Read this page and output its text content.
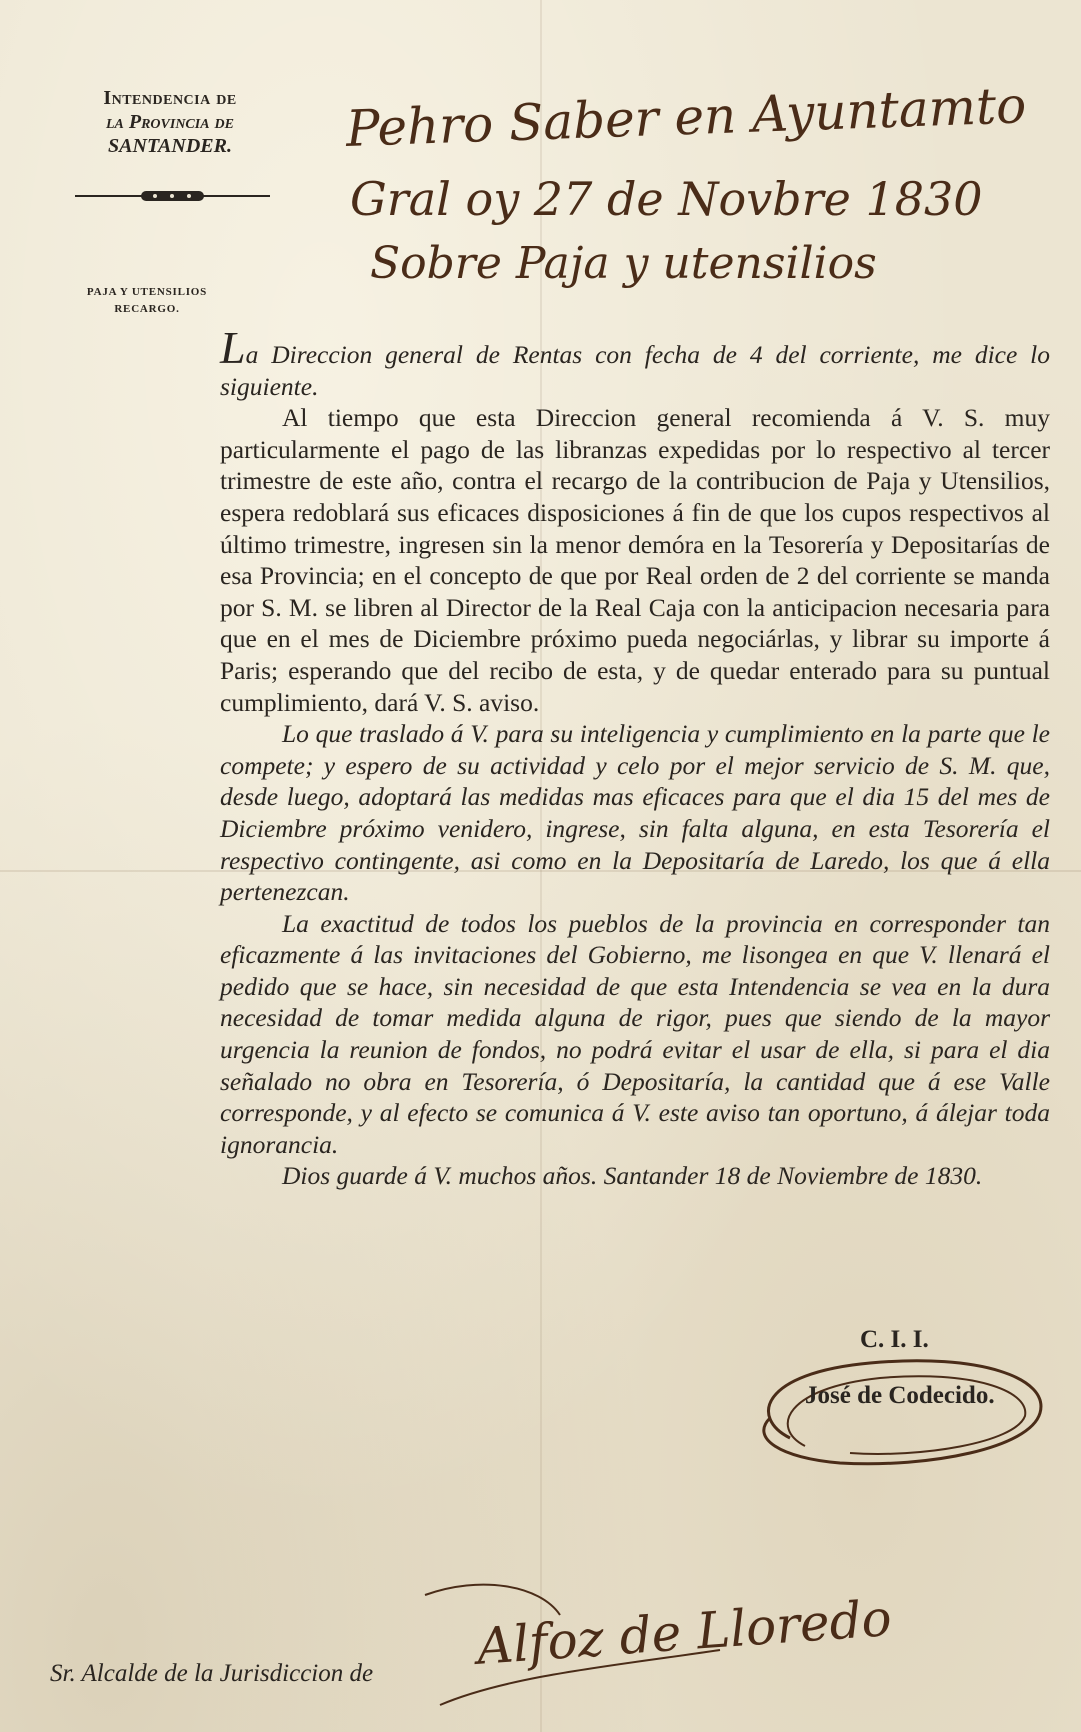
Intendencia de
la Provincia de
SANTANDER.
PAJA Y UTENSILIOS
RECARGO.
Pehro Saber en Ayuntamto
Gral oy 27 de Novbre 1830
Sobre Paja y utensilios

La Direccion general de Rentas con fecha de 4 del corriente, me dice lo siguiente.

Al tiempo que esta Direccion general recomienda á V. S. muy particularmente el pago de las libranzas expedidas por lo respectivo al tercer trimestre de este año, contra el recargo de la contribucion de Paja y Utensilios, espera redoblará sus eficaces disposiciones á fin de que los cupos respectivos al último trimestre, ingresen sin la menor demóra en la Tesorería y Depositarías de esa Provincia; en el concepto de que por Real orden de 2 del corriente se manda por S. M. se libren al Director de la Real Caja con la anticipacion necesaria para que en el mes de Diciembre próximo pueda negociárlas, y librar su importe á Paris; esperando que del recibo de esta, y de quedar enterado para su puntual cumplimiento, dará V. S. aviso.

Lo que traslado á V. para su inteligencia y cumplimiento en la parte que le compete; y espero de su actividad y celo por el mejor servicio de S. M. que, desde luego, adoptará las medidas mas eficaces para que el dia 15 del mes de Diciembre próximo venidero, ingrese, sin falta alguna, en esta Tesorería el respectivo contingente, asi como en la Depositaría de Laredo, los que á ella pertenezcan.

La exactitud de todos los pueblos de la provincia en corresponder tan eficazmente á las invitaciones del Gobierno, me lisongea en que V. llenará el pedido que se hace, sin necesidad de que esta Intendencia se vea en la dura necesidad de tomar medida alguna de rigor, pues que siendo de la mayor urgencia la reunion de fondos, no podrá evitar el usar de ella, si para el dia señalado no obra en Tesorería, ó Depositaría, la cantidad que á ese Valle corresponde, y al efecto se comunica á V. este aviso tan oportuno, á álejar toda ignorancia.

Dios guarde á V. muchos años. Santander 18 de Noviembre de 1830.

C. I. I.
José de Codecido.
Sr. Alcalde de la Jurisdiccion de Alfoz de Lloredo
